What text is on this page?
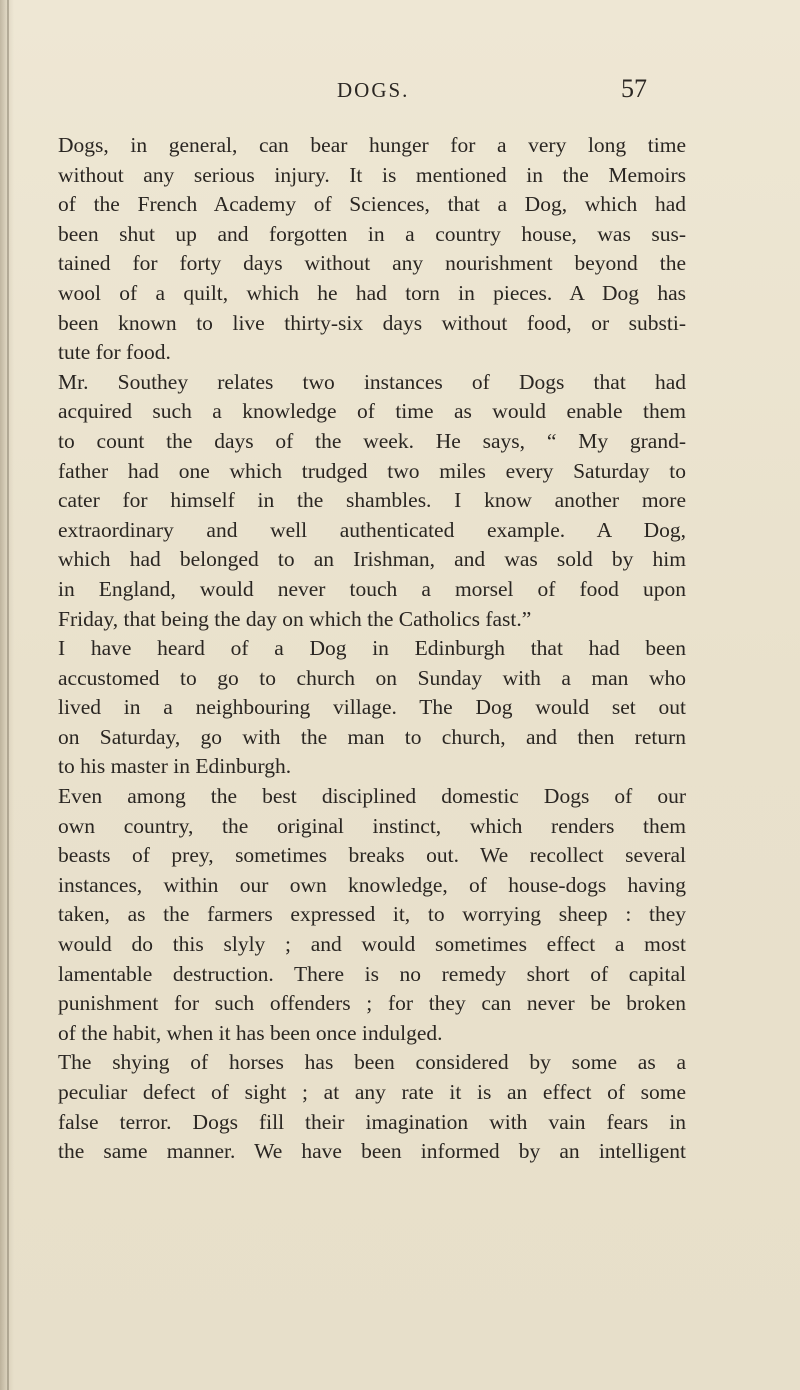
DOGS.	57
Dogs, in general, can bear hunger for a very long time
without any serious injury. It is mentioned in the Memoirs
of the French Academy of Sciences, that a Dog, which had
been shut up and forgotten in a country house, was sus-
tained for forty days without any nourishment beyond the
wool of a quilt, which he had torn in pieces. A Dog has
been known to live thirty-six days without food, or substi-
tute for food.
Mr. Southey relates two instances of Dogs that had
acquired such a knowledge of time as would enable them
to count the days of the week. He says, “ My grand-
father had one which trudged two miles every Saturday to
cater for himself in the shambles. I know another more
extraordinary and well authenticated example. A Dog,
which had belonged to an Irishman, and was sold by him
in England, would never touch a morsel of food upon
Friday, that being the day on which the Catholics fast.”
I have heard of a Dog in Edinburgh that had been
accustomed to go to church on Sunday with a man who
lived in a neighbouring village. The Dog would set out
on Saturday, go with the man to church, and then return
to his master in Edinburgh.
Even among the best disciplined domestic Dogs of our
own country, the original instinct, which renders them
beasts of prey, sometimes breaks out. We recollect several
instances, within our own knowledge, of house-dogs having
taken, as the farmers expressed it, to worrying sheep : they
would do this slyly ; and would sometimes effect a most
lamentable destruction. There is no remedy short of capital
punishment for such offenders ; for they can never be broken
of the habit, when it has been once indulged.
The shying of horses has been considered by some as a
peculiar defect of sight ; at any rate it is an effect of some
false terror. Dogs fill their imagination with vain fears in
the same manner. We have been informed by an intelligent
